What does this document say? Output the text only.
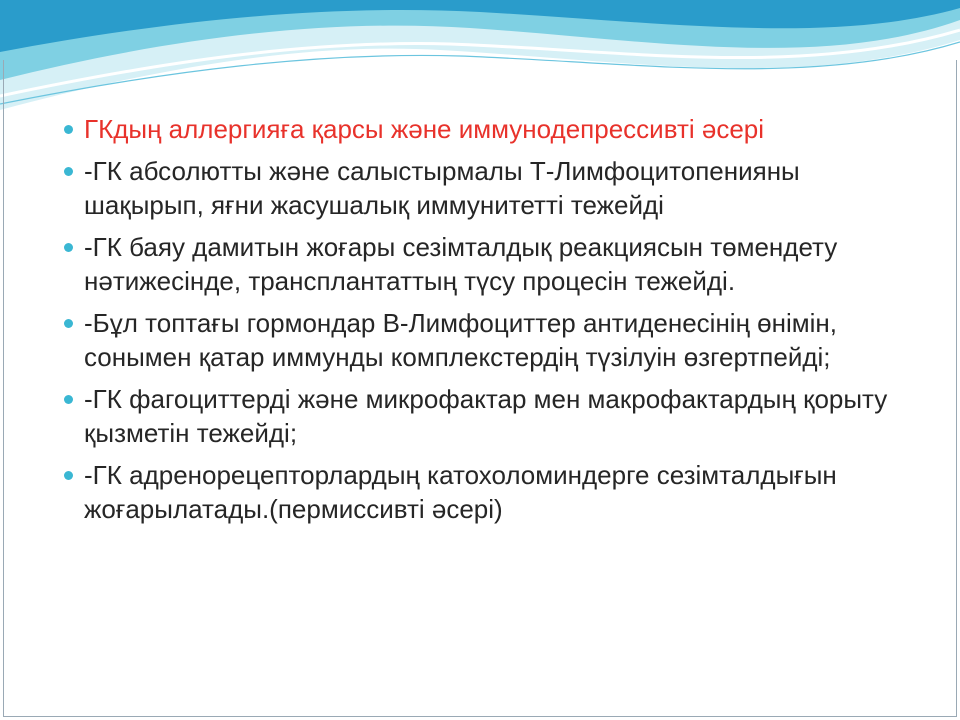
ГКдың аллергияға қарсы және иммунодепрессивті әсері
-ГК абсолютты және салыстырмалы Т-Лимфоцитопенияны шақырып, яғни жасушалық иммунитетті тежейді
-ГК баяу дамитын жоғары сезімталдық реакциясын төмендету нәтижесінде, трансплантаттың түсу процесін тежейді.
-Бұл топтағы гормондар В-Лимфоциттер антиденесінің өнімін, сонымен қатар иммунды комплекстердің түзілуін өзгертпейді;
-ГК фагоциттерді және микрофактар мен макрофактардың қорыту қызметін тежейді;
-ГК адренорецепторлардың катохоломиндерге сезімталдығын жоғарылатады.(пермиссивті әсері)
